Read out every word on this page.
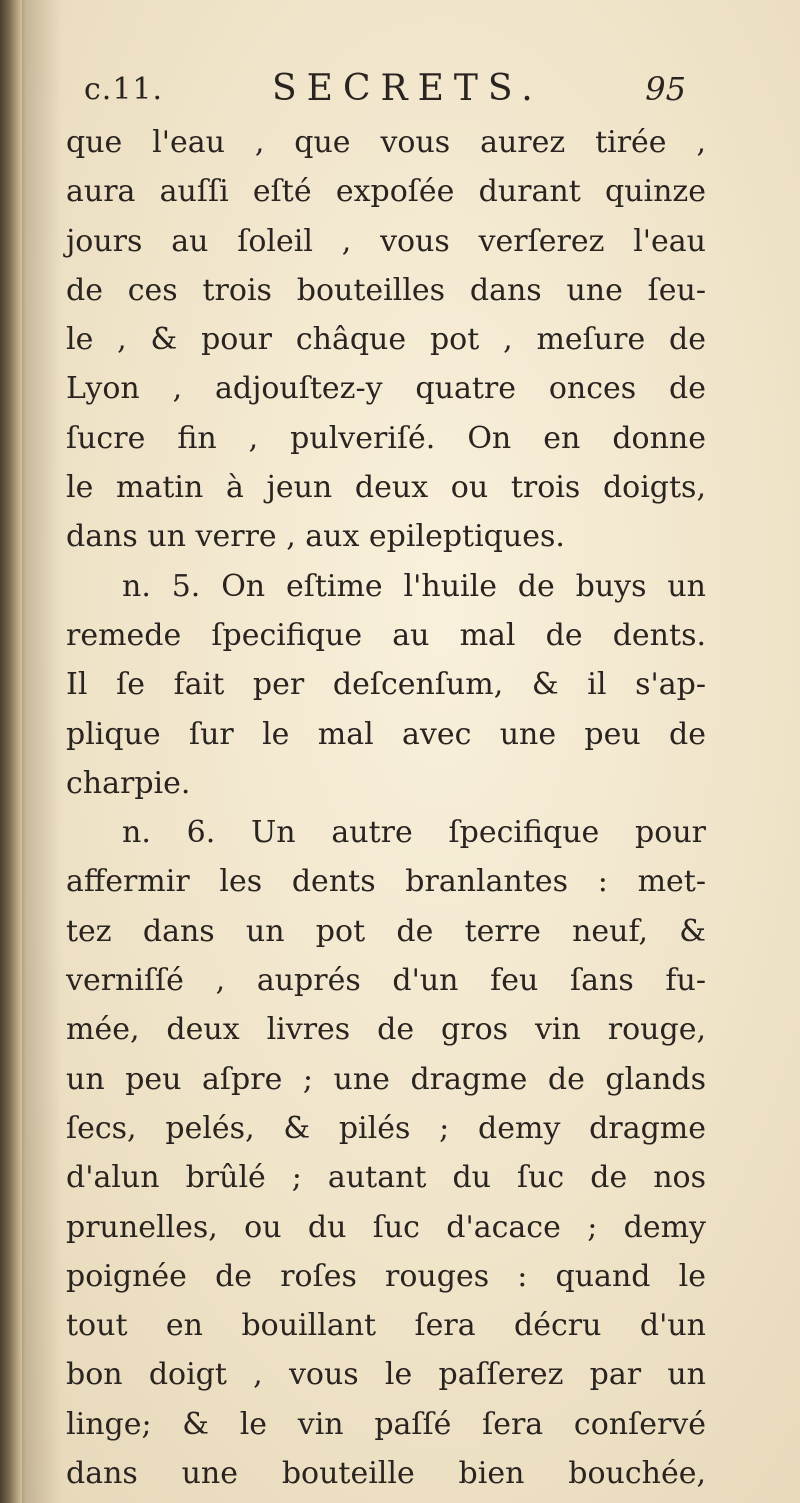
c.11.	SECRETS.	95
que l'eau , que vous aurez tirée ,
aura auſſi eſté expoſée durant quinze
jours au ſoleil , vous verſerez l'eau
de ces trois bouteilles dans une ſeu-
le , & pour châque pot , meſure de
Lyon , adjouſtez-y quatre onces de
ſucre fin , pulveriſé. On en donne
le matin à jeun deux ou trois doigts,
dans un verre , aux epileptiques.
n. 5. On eſtime l'huile de buys un
remede ſpecifique au mal de dents.
Il ſe fait per deſcenſum, & il s'ap-
plique ſur le mal avec une peu de
charpie.
n. 6. Un autre ſpecifique pour
affermir les dents branlantes : met-
tez dans un pot de terre neuf, &
verniſſé , auprés d'un feu ſans fu-
mée, deux livres de gros vin rouge,
un peu aſpre ; une dragme de glands
ſecs, pelés, & pilés ; demy dragme
d'alun brûlé ; autant du ſuc de nos
prunelles, ou du ſuc d'acace ; demy
poignée de roſes rouges : quand le
tout en bouillant ſera décru d'un
bon doigt , vous le paſſerez par un
linge; & le vin paſſé ſera conſervé
dans une bouteille bien bouchée,
